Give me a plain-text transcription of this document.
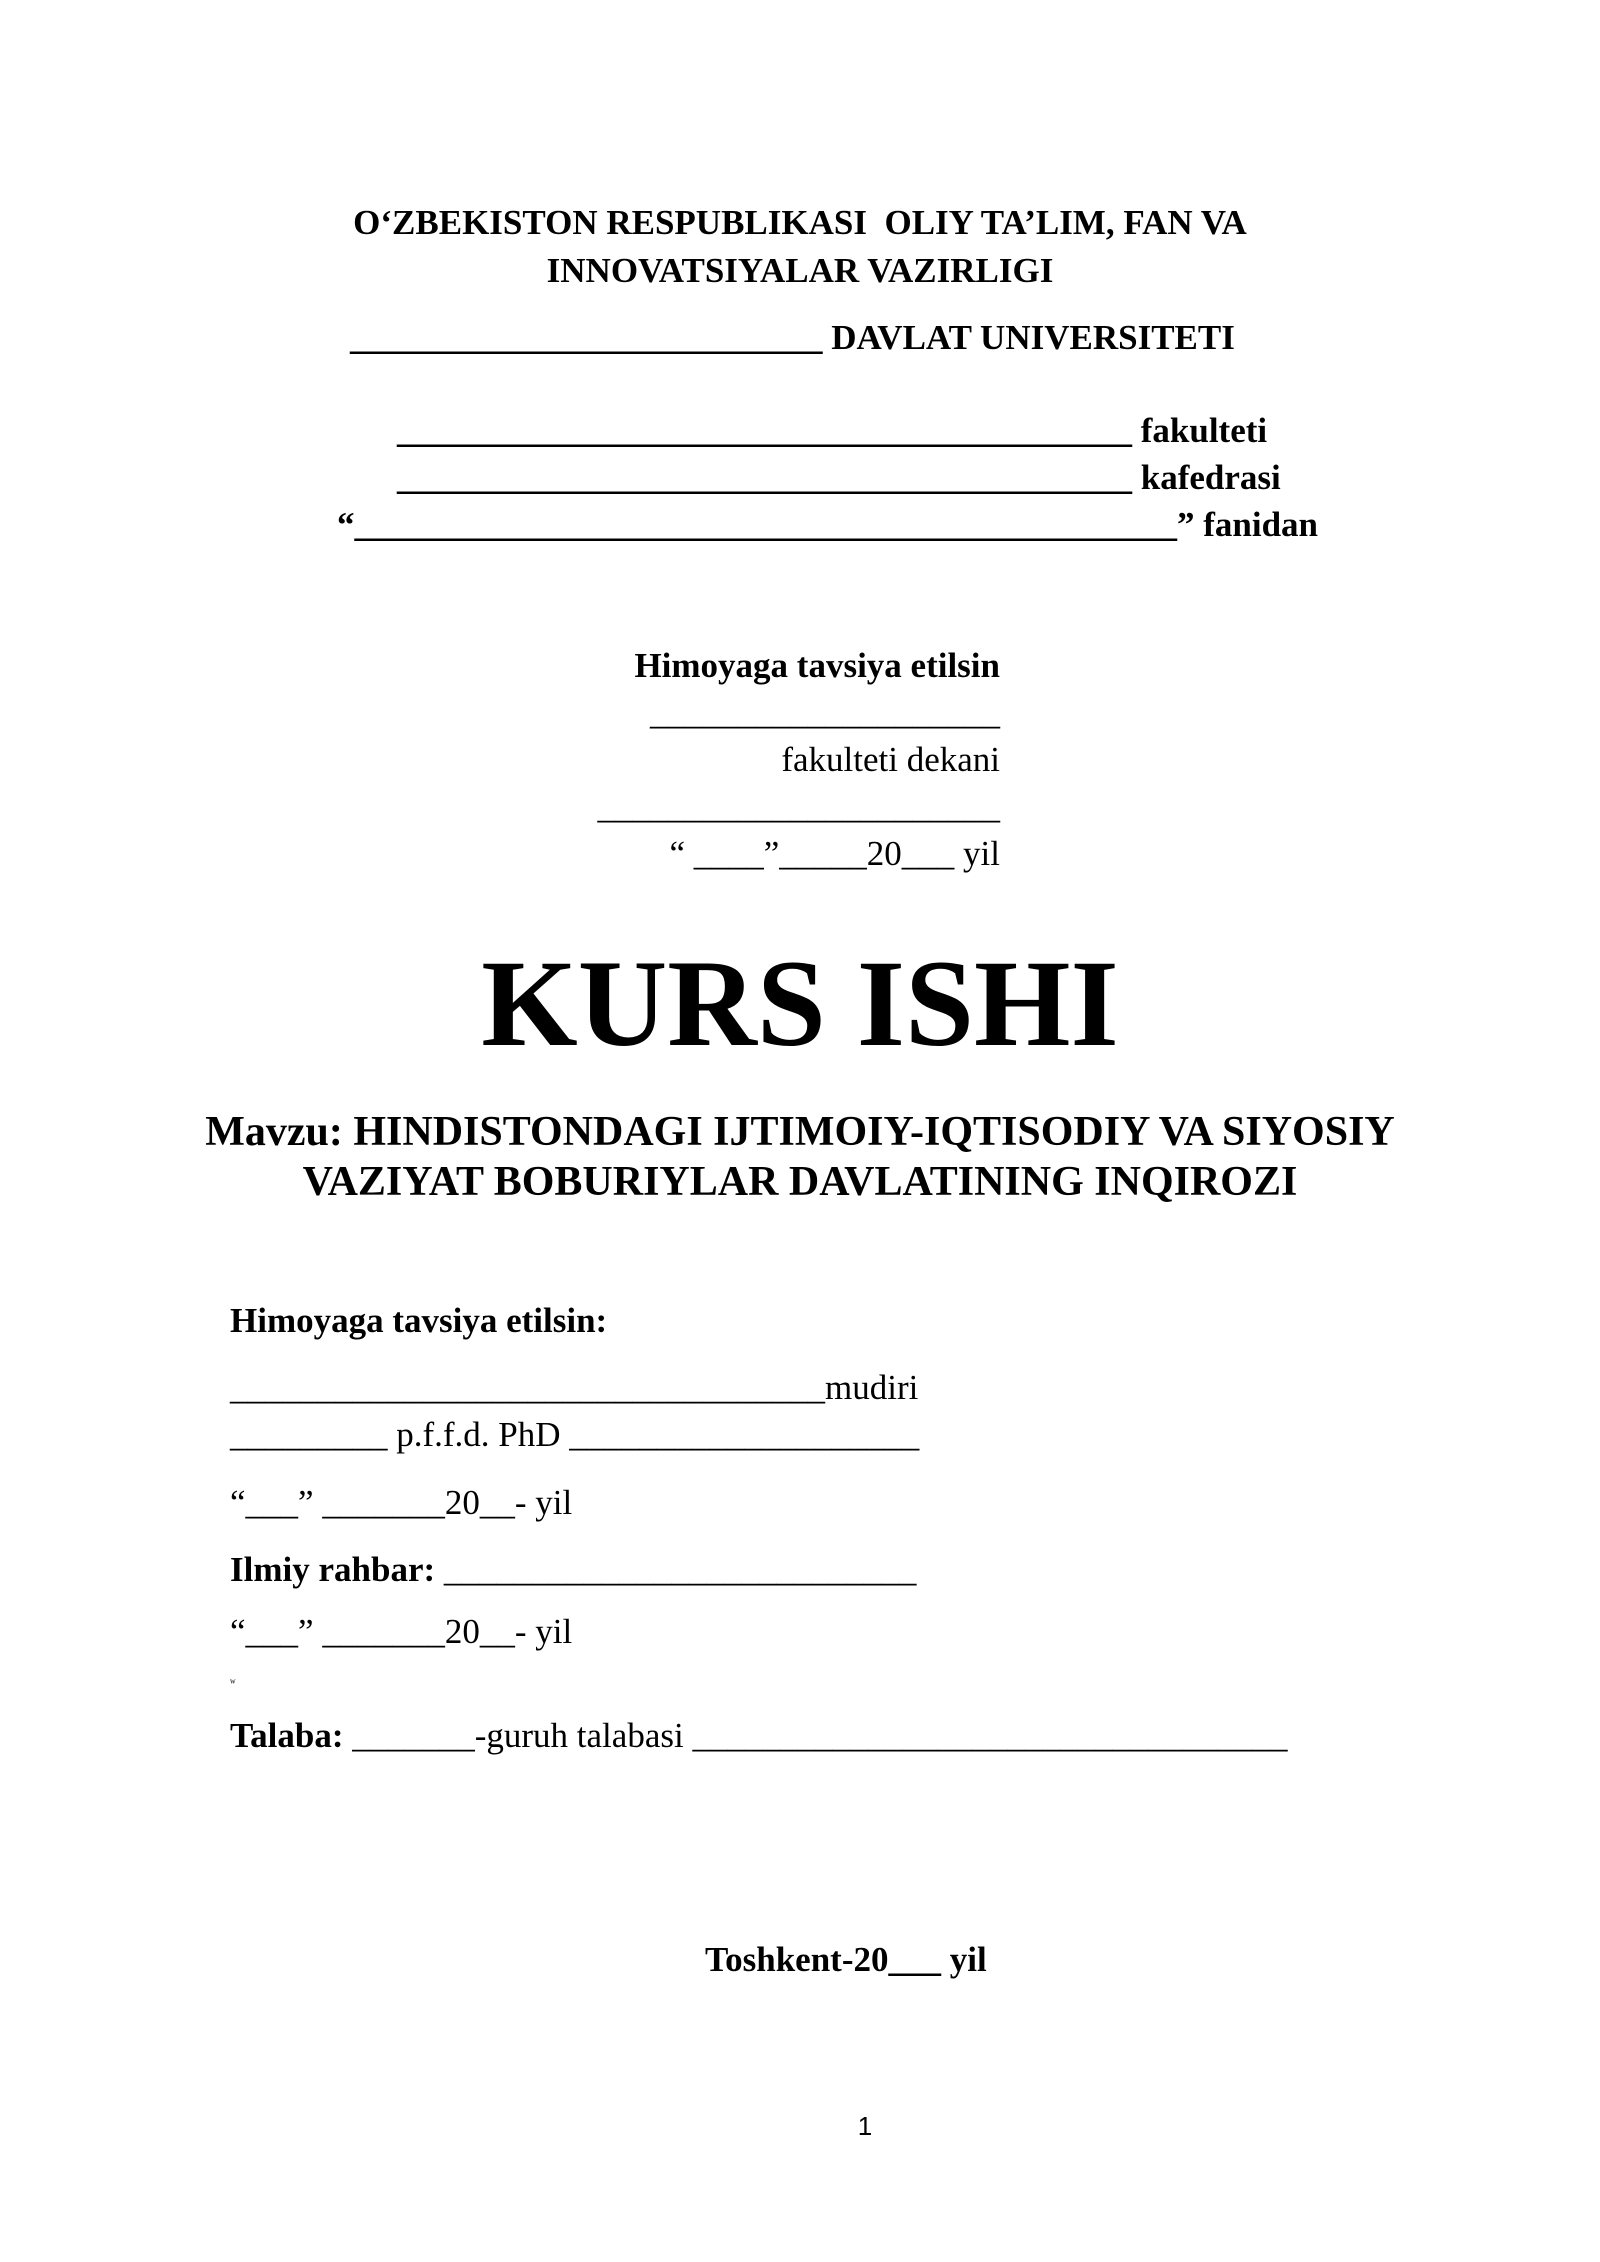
O‘ZBEKISTON RESPUBLIKASI  OLIY TA’LIM, FAN VA
INNOVATSIYALAR VAZIRLIGI
___________________________ DAVLAT UNIVERSITETI
__________________________________________ fakulteti
__________________________________________ kafedrasi
“_______________________________________________” fanidan
Himoyaga tavsiya etilsin
____________________
fakulteti dekani
_______________________
“ ____”_____20___ yil
KURS ISHI
Mavzu: HINDISTONDAGI IJTIMOIY-IQTISODIY VA SIYOSIY
VAZIYAT BOBURIYLAR DAVLATINING INQIROZI
Himoyaga tavsiya etilsin:
__________________________________mudiri
_________ p.f.f.d. PhD ____________________
“___” _______20__- yil
Ilmiy rahbar: ___________________________
“___” _______20__- yil
ʷ
Talaba: _______-guruh talabasi __________________________________
Toshkent-20___ yil
1
